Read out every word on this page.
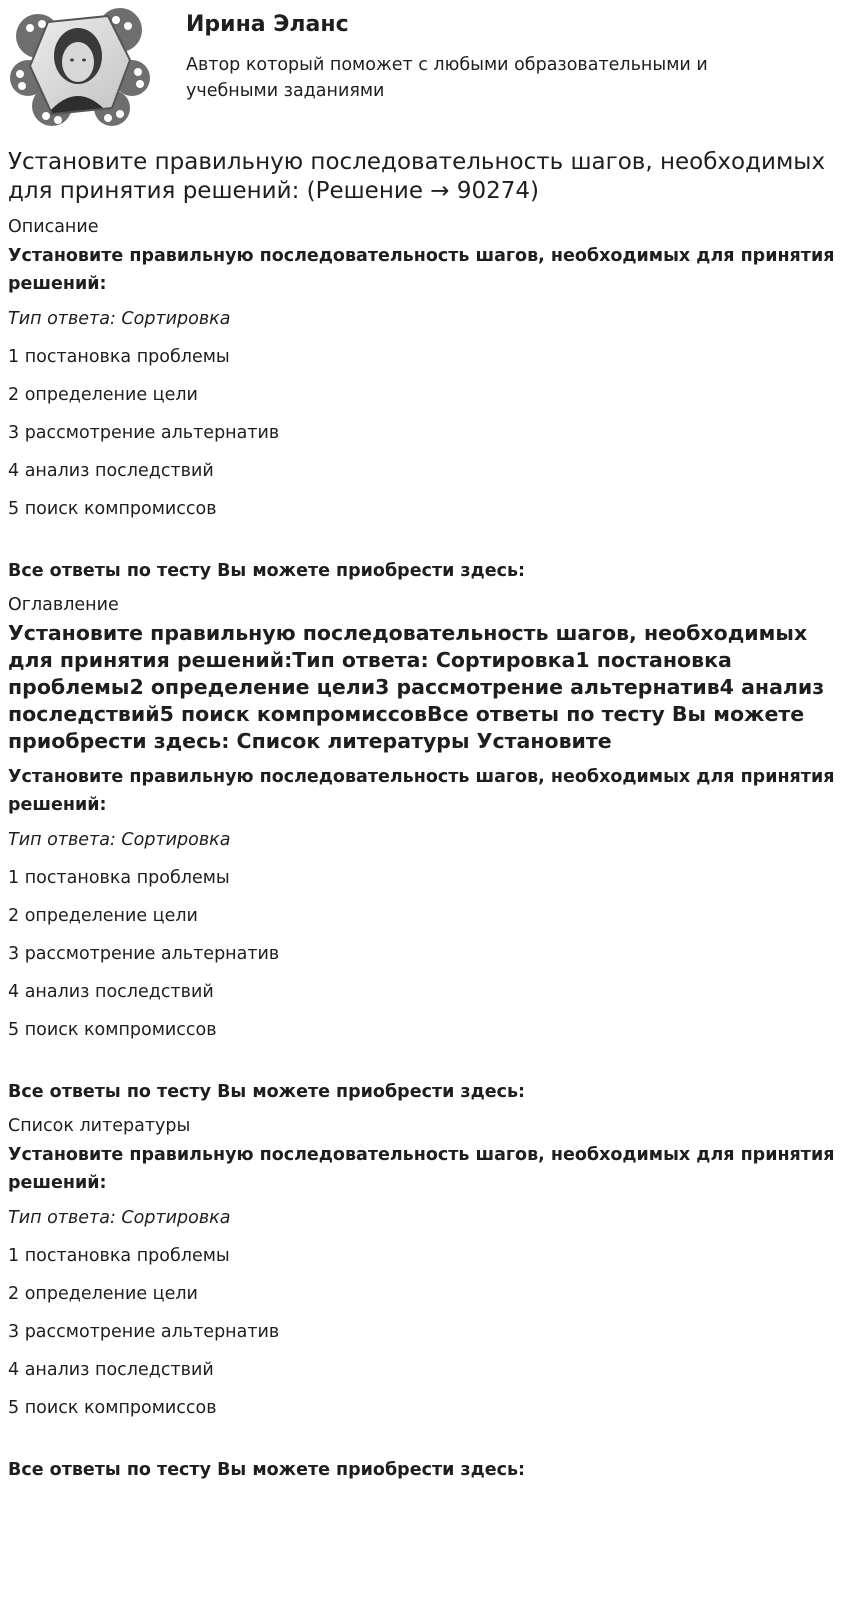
Ирина Эланс

Автор который поможет с любыми образовательными и учебными заданиями

Установите правильную последовательность шагов, необходимых для принятия решений: (Решение → 90274)

Описание

Установите правильную последовательность шагов, необходимых для принятия решений:

Тип ответа: Сортировка

1 постановка проблемы

2 определение цели

3 рассмотрение альтернатив

4 анализ последствий

5 поиск компромиссов

Все ответы по тесту Вы можете приобрести здесь:

Оглавление

Установите правильную последовательность шагов, необходимых для принятия решений:Тип ответа: Сортировка1 постановка проблемы2 определение цели3 рассмотрение альтернатив4 анализ последствий5 поиск компромиссовВсе ответы по тесту Вы можете приобрести здесь: Список литературы Установите

Установите правильную последовательность шагов, необходимых для принятия решений:

Тип ответа: Сортировка

1 постановка проблемы

2 определение цели

3 рассмотрение альтернатив

4 анализ последствий

5 поиск компромиссов

Все ответы по тесту Вы можете приобрести здесь:

Список литературы

Установите правильную последовательность шагов, необходимых для принятия решений:

Тип ответа: Сортировка

1 постановка проблемы

2 определение цели

3 рассмотрение альтернатив

4 анализ последствий

5 поиск компромиссов

Все ответы по тесту Вы можете приобрести здесь:
